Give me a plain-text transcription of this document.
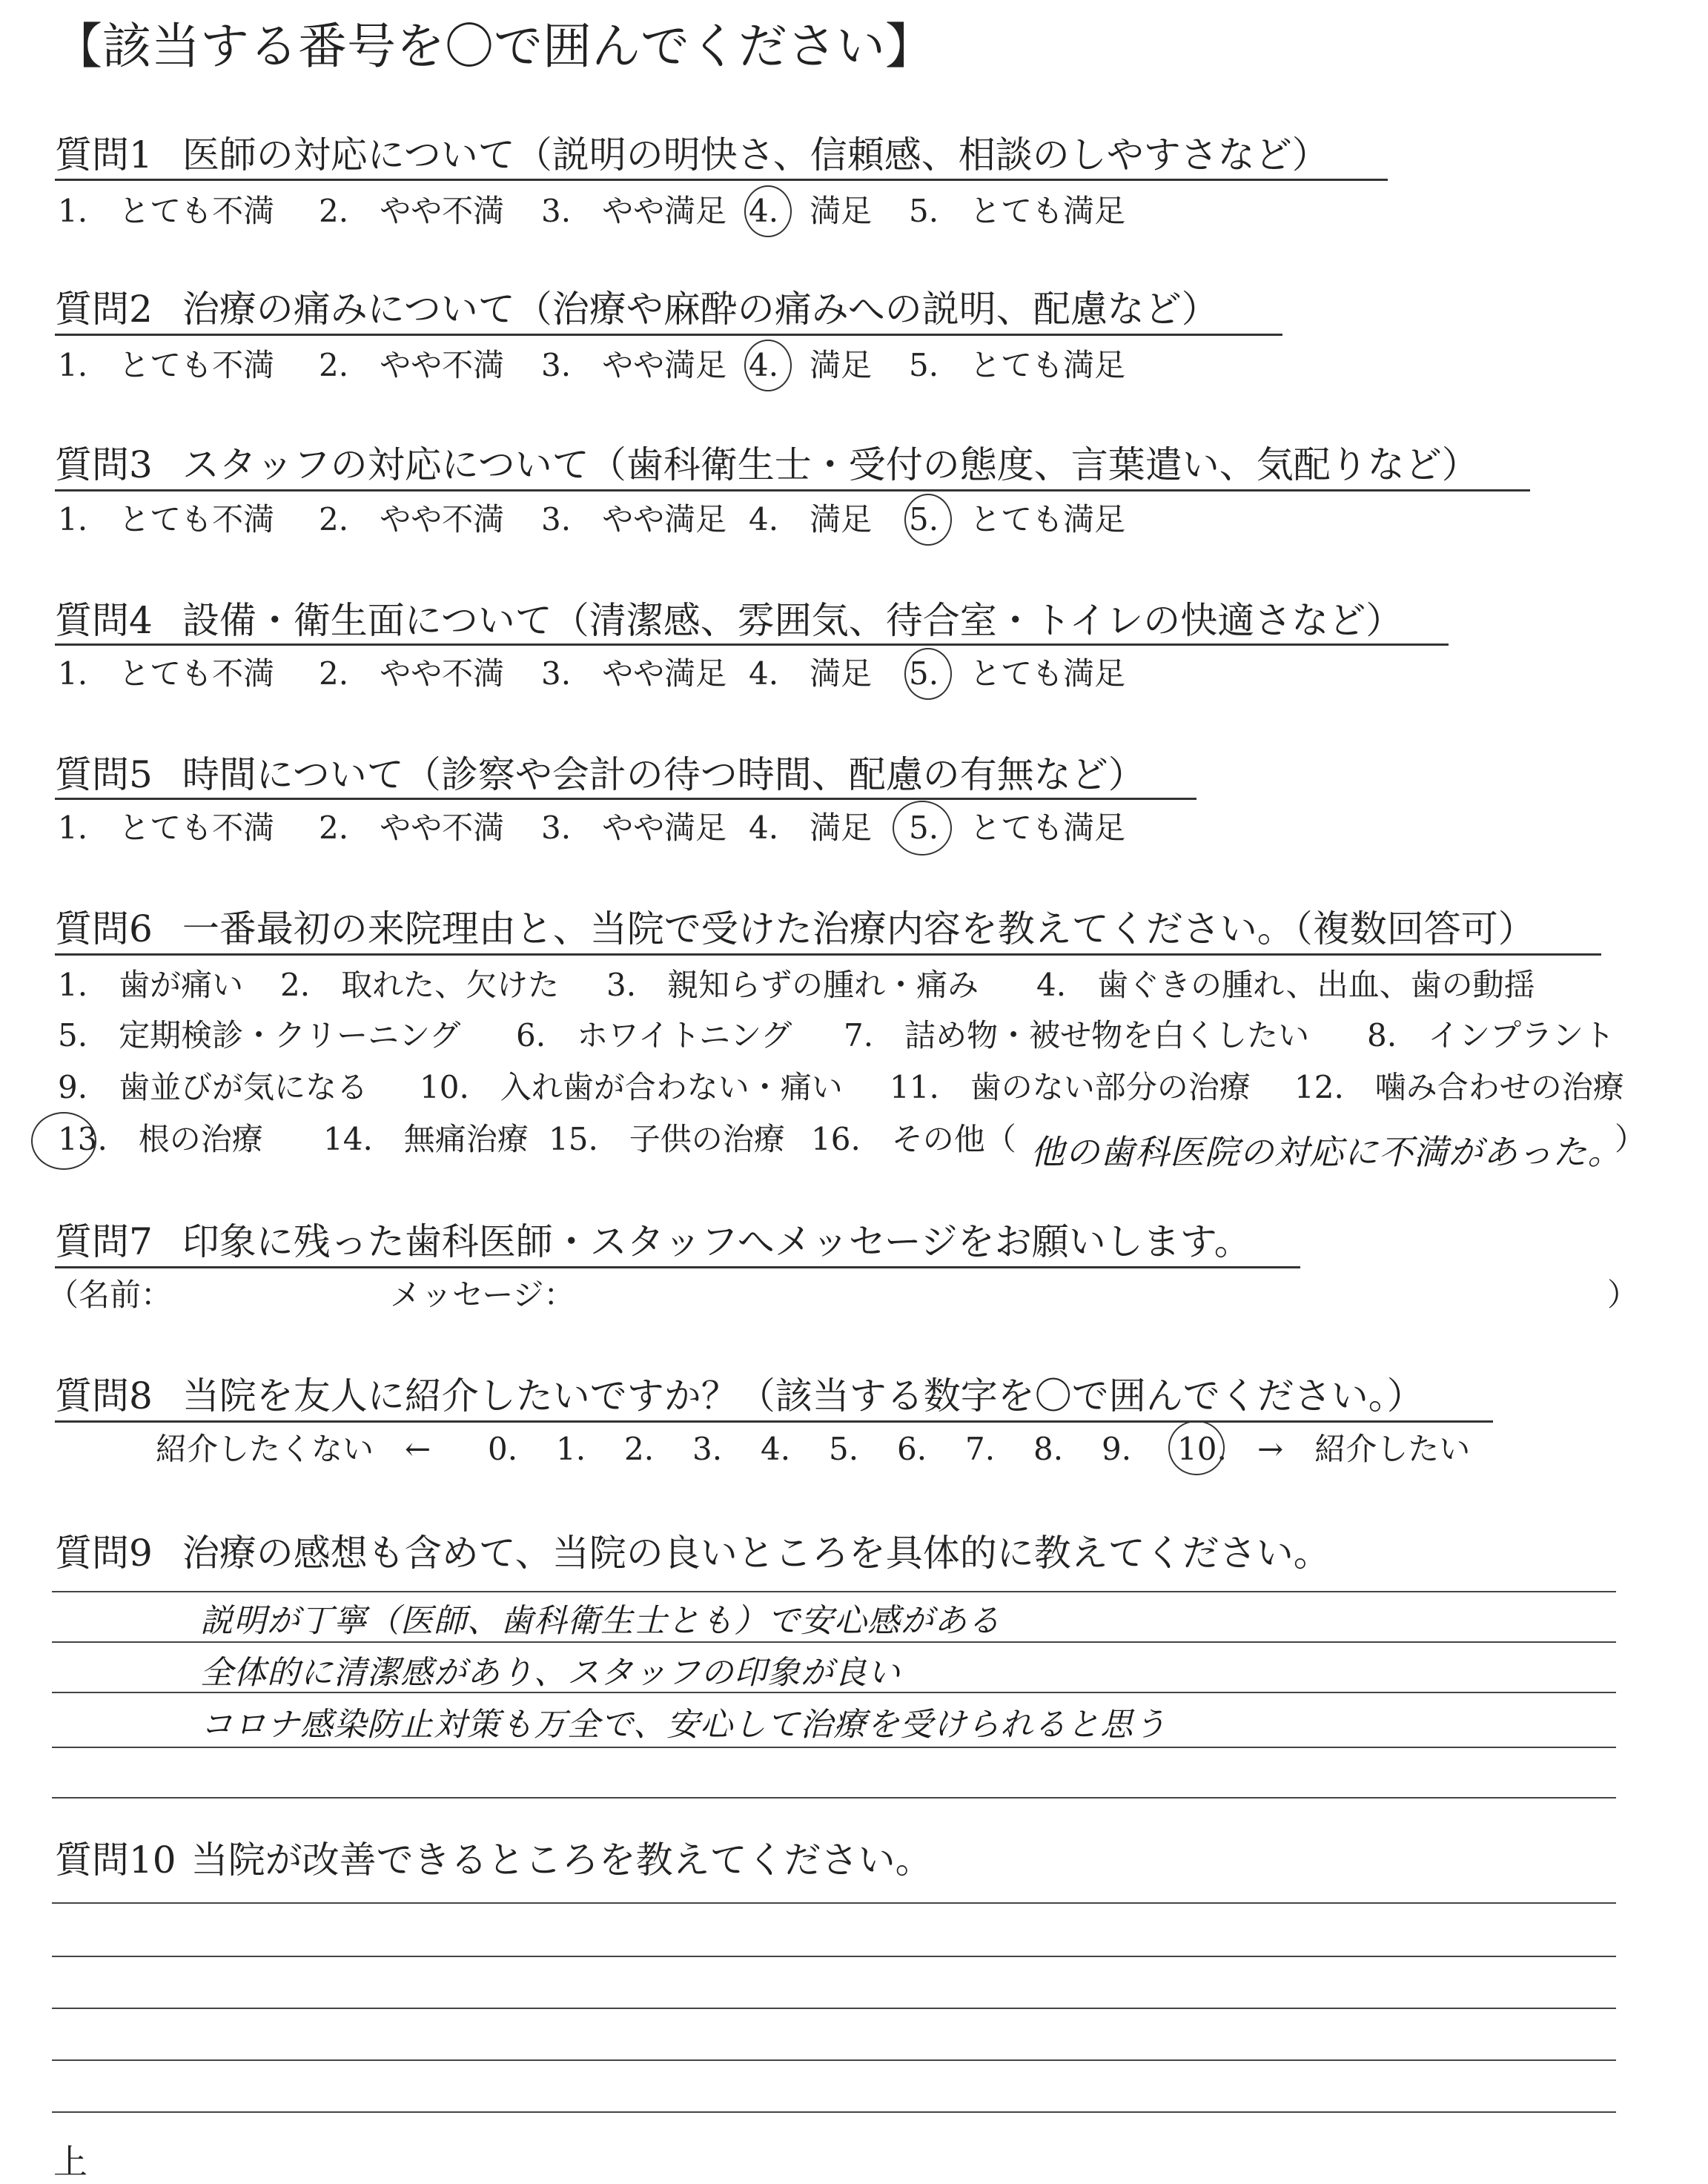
【該当する番号を〇で囲んでください】
質問1 医師の対応について（説明の明快さ、信頼感、相談のしやすさなど）
1.　とても不満 2.　やや不満 3.　やや満足 4.　満足 5.　とても満足
質問2 治療の痛みについて（治療や麻酔の痛みへの説明、配慮など）
1.　とても不満 2.　やや不満 3.　やや満足 4.　満足 5.　とても満足
質問3 スタッフの対応について（歯科衛生士・受付の態度、言葉遣い、気配りなど）
1.　とても不満 2.　やや不満 3.　やや満足 4.　満足 5.　とても満足
質問4 設備・衛生面について（清潔感、雰囲気、待合室・トイレの快適さなど）
1.　とても不満 2.　やや不満 3.　やや満足 4.　満足 5.　とても満足
質問5 時間について（診察や会計の待つ時間、配慮の有無など）
1.　とても不満 2.　やや不満 3.　やや満足 4.　満足 5.　とても満足
質問6 一番最初の来院理由と、当院で受けた治療内容を教えてください。（複数回答可）
1.　歯が痛い 2.　取れた、欠けた 3.　親知らずの腫れ・痛み 4.　歯ぐきの腫れ、出血、歯の動揺
5.　定期検診・クリーニング 6.　ホワイトニング 7.　詰め物・被せ物を白くしたい 8.　インプラント
9.　歯並びが気になる 10.　入れ歯が合わない・痛い 11.　歯のない部分の治療 12.　噛み合わせの治療
13.　根の治療 14.　無痛治療 15.　子供の治療 16.　その他（	）
他の歯科医院の対応に不満があった。
質問7 印象に残った歯科医師・スタッフへメッセージをお願いします。
（名前：	メッセージ：	）
質問8 当院を友人に紹介したいですか？（該当する数字を〇で囲んでください。）
紹介したくない　← 0. 1. 2. 3. 4. 5. 6. 7. 8. 9. 10. →　紹介したい
質問9 治療の感想も含めて、当院の良いところを具体的に教えてください。
説明が丁寧（医師、歯科衛生士とも）で安心感がある
全体的に清潔感があり、スタッフの印象が良い
コロナ感染防止対策も万全で、安心して治療を受けられると思う
質問10 当院が改善できるところを教えてください。
上
